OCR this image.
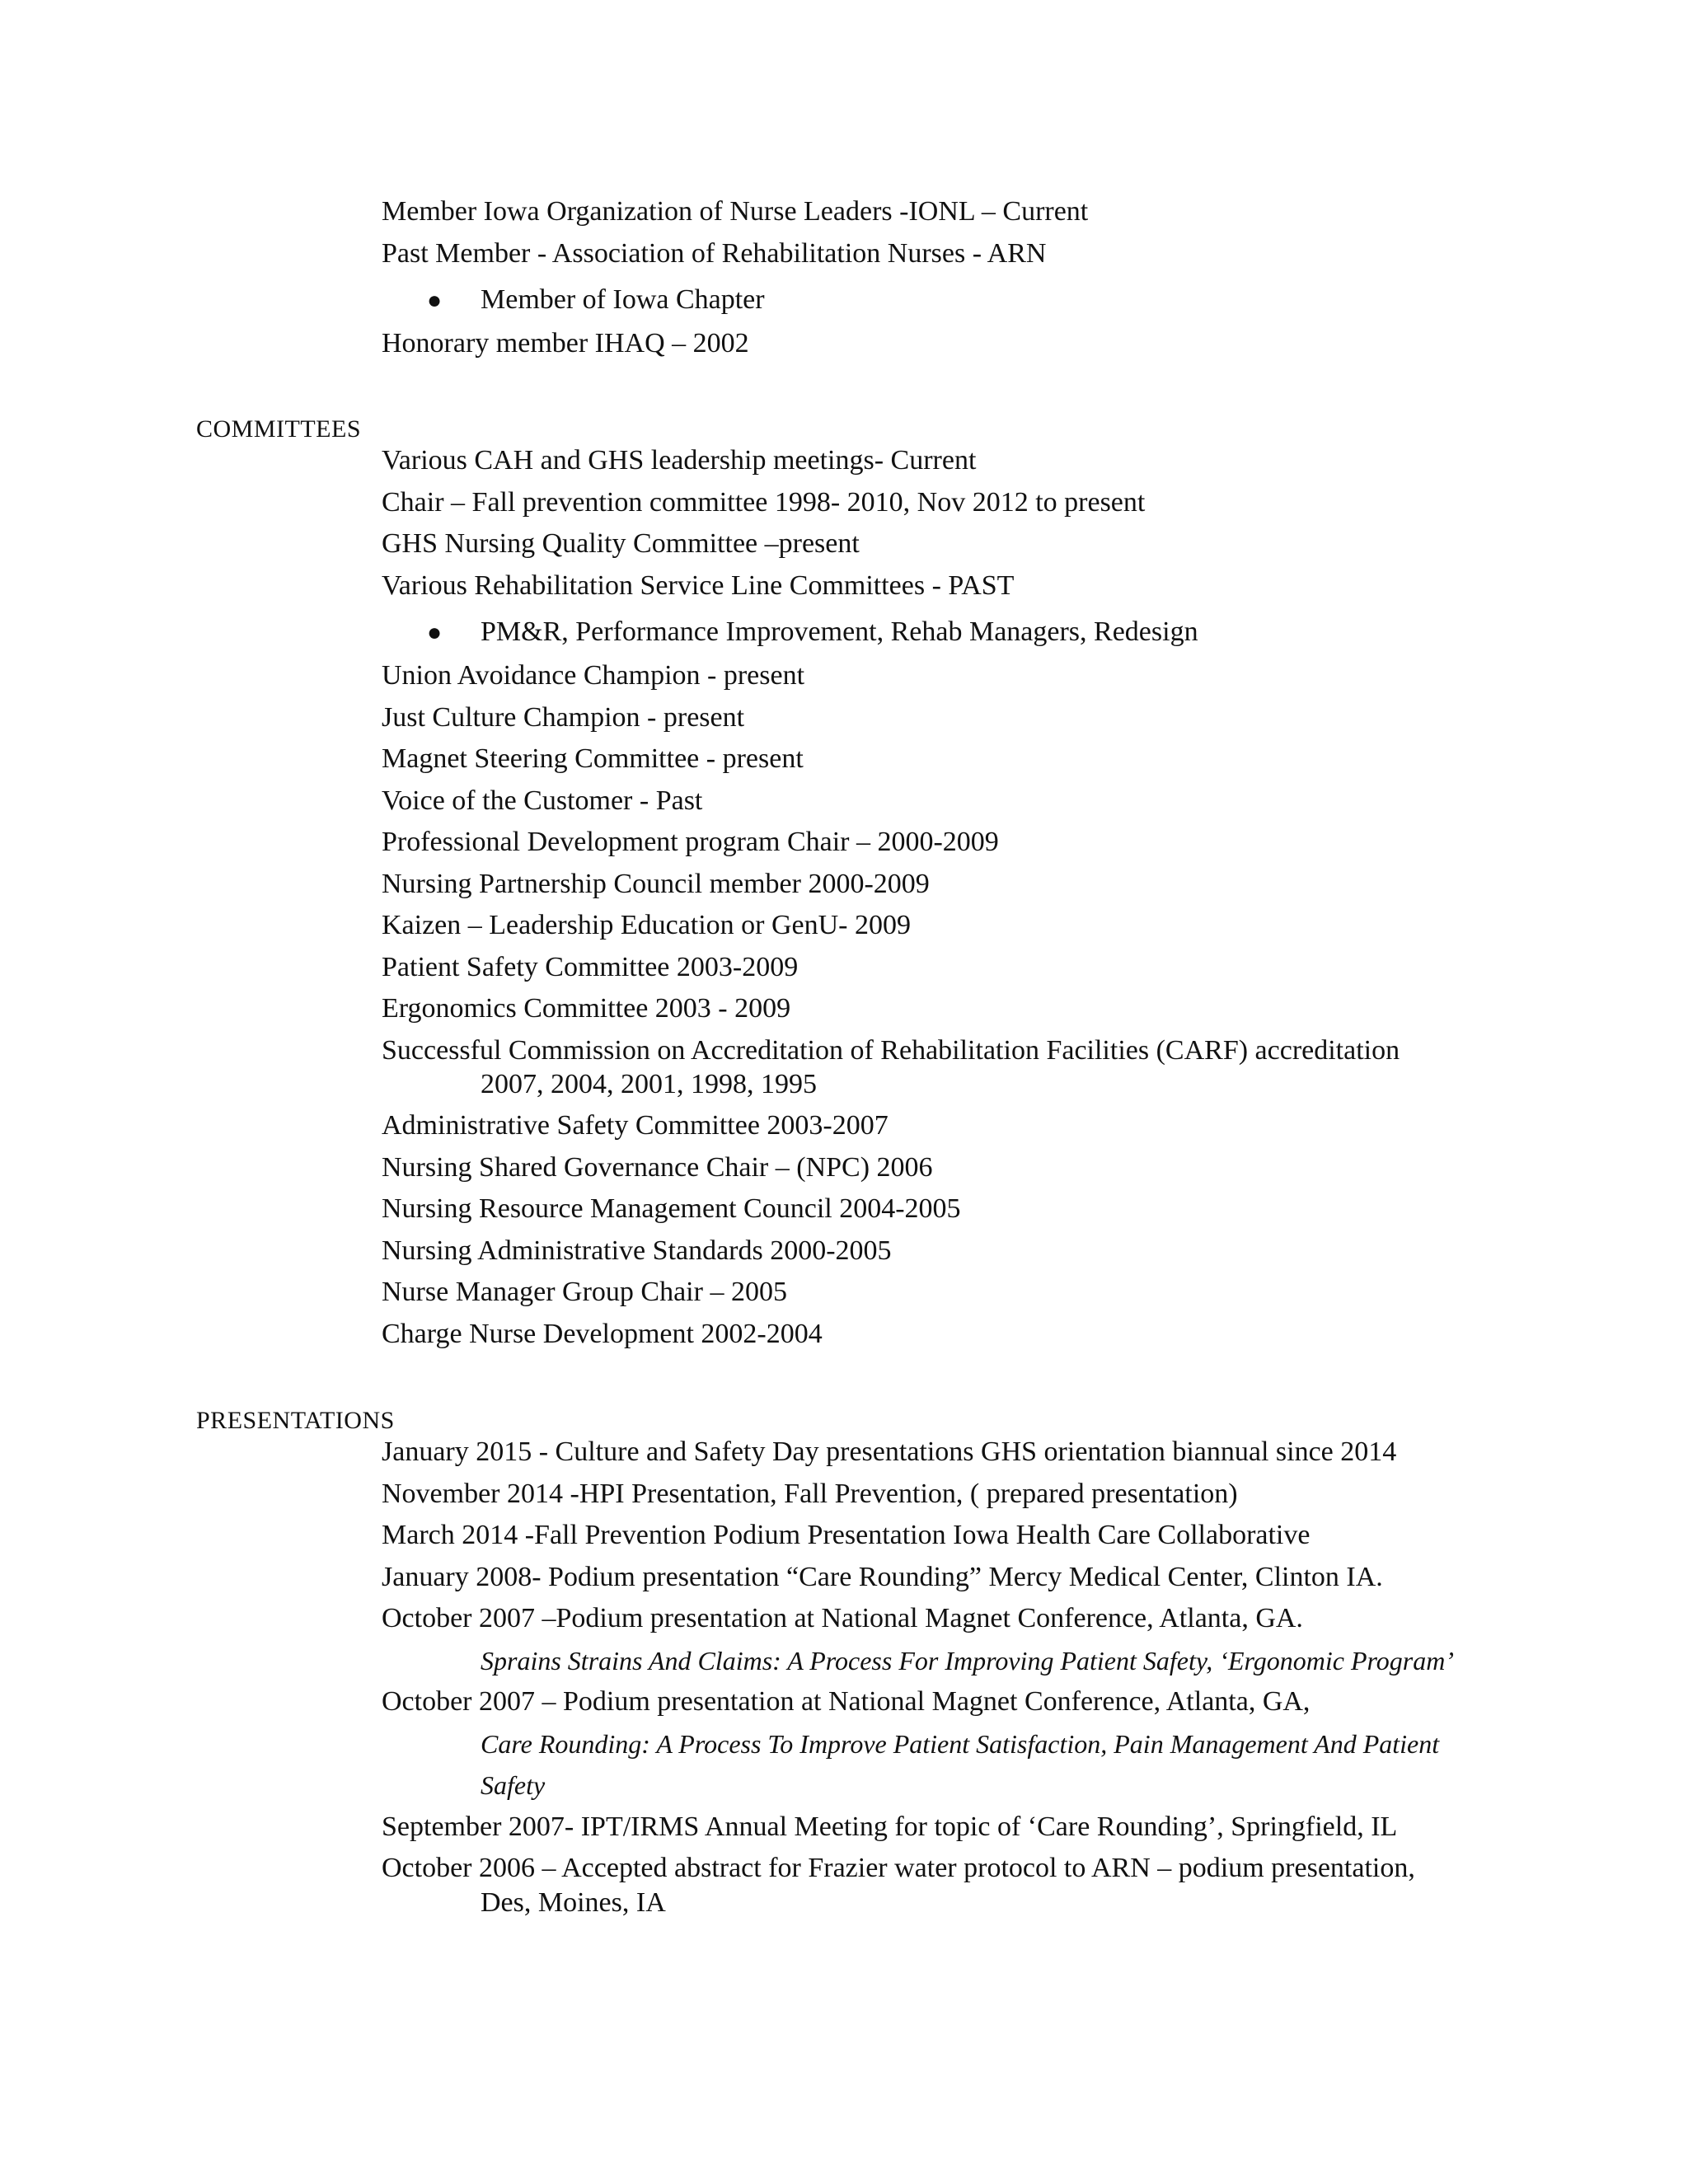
Member Iowa Organization of Nurse Leaders -IONL – Current
Past Member - Association of Rehabilitation Nurses - ARN
● Member of Iowa Chapter
Honorary member IHAQ – 2002
COMMITTEES
Various CAH and GHS leadership meetings- Current
Chair – Fall prevention committee 1998- 2010, Nov 2012 to present
GHS Nursing Quality Committee –present
Various Rehabilitation Service Line Committees - PAST
● PM&R, Performance Improvement, Rehab Managers, Redesign
Union Avoidance Champion - present
Just Culture Champion - present
Magnet Steering Committee - present
Voice of the Customer - Past
Professional Development program Chair – 2000-2009
Nursing Partnership Council member 2000-2009
Kaizen – Leadership Education or GenU- 2009
Patient Safety Committee 2003-2009
Ergonomics Committee 2003 - 2009
Successful Commission on Accreditation of Rehabilitation Facilities (CARF) accreditation
2007, 2004, 2001, 1998, 1995
Administrative Safety Committee 2003-2007
Nursing Shared Governance Chair – (NPC) 2006
Nursing Resource Management Council 2004-2005
Nursing Administrative Standards 2000-2005
Nurse Manager Group Chair – 2005
Charge Nurse Development 2002-2004
PRESENTATIONS
January 2015 - Culture and Safety Day presentations GHS orientation biannual since 2014
November 2014 -HPI Presentation, Fall Prevention, ( prepared presentation)
March 2014 -Fall Prevention Podium Presentation Iowa Health Care Collaborative
January 2008- Podium presentation “Care Rounding” Mercy Medical Center, Clinton IA.
October 2007 –Podium presentation at National Magnet Conference, Atlanta, GA.
Sprains Strains And Claims: A Process For Improving Patient Safety, ‘Ergonomic Program’
October 2007 – Podium presentation at National Magnet Conference, Atlanta, GA,
Care Rounding: A Process To Improve Patient Satisfaction, Pain Management And Patient
Safety
September 2007- IPT/IRMS Annual Meeting for topic of ‘Care Rounding’, Springfield, IL
October 2006 – Accepted abstract for Frazier water protocol to ARN – podium presentation,
Des, Moines, IA
